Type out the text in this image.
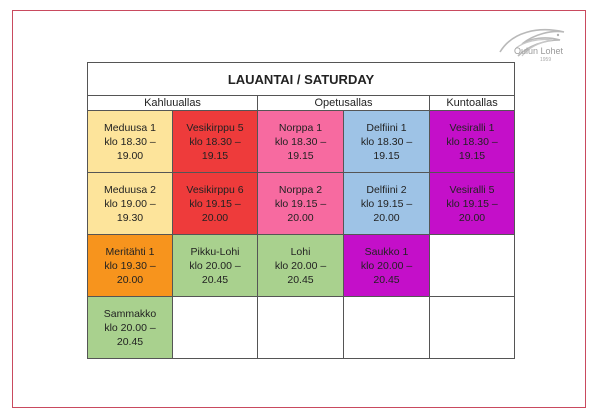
Oulun Lohet
1959
LAUANTAI / SATURDAY				
Kahluuallas		Opetusallas		Kuntoallas

Meduusa 1
klo 18.30 –
19.00	Vesikirppu 5
klo 18.30 –
19.15	Norppa 1
klo 18.30 –
19.15	Delfiini 1
klo 18.30 –
19.15	Vesiralli 1
klo 18.30 –
19.15

Meduusa 2
klo 19.00 –
19.30	Vesikirppu 6
klo 19.15 –
20.00	Norppa 2
klo 19.15 –
20.00	Delfiini 2
klo 19.15 –
20.00	Vesiralli 5
klo 19.15 –
20.00

Meritähti 1
klo 19.30 –
20.00	Pikku-Lohi
klo 20.00 –
20.45	Lohi
klo 20.00 –
20.45	Saukko 1
klo 20.00 –
20.45	

Sammakko
klo 20.00 –
20.45				
